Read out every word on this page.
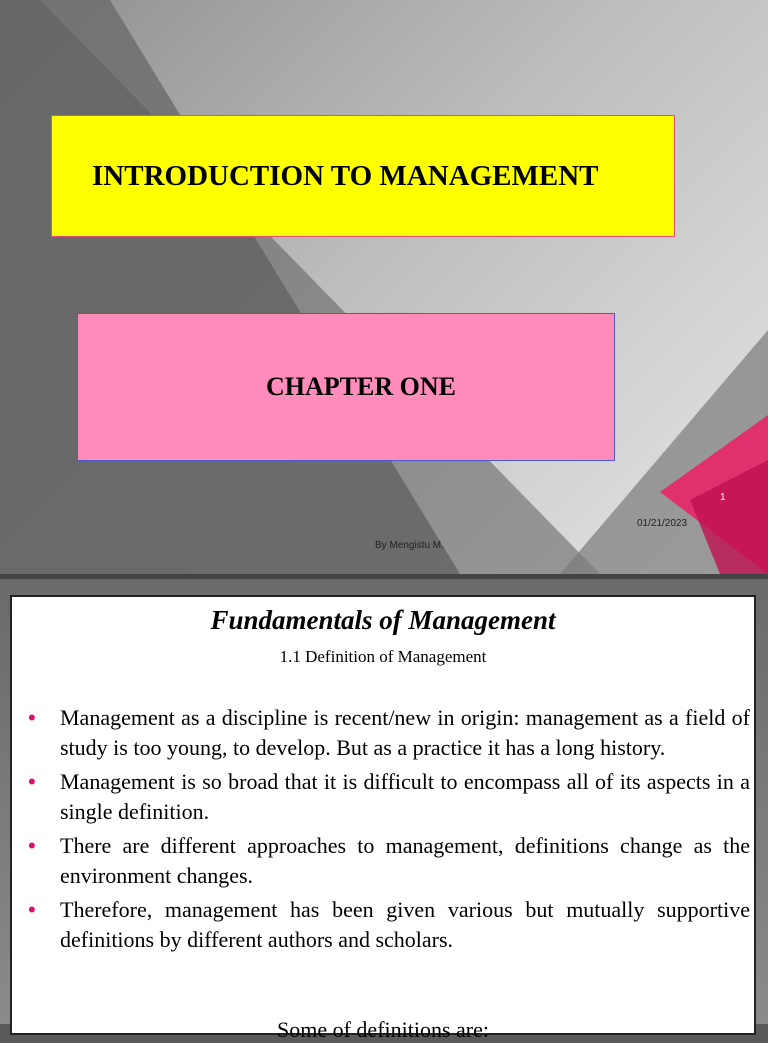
INTRODUCTION TO MANAGEMENT
CHAPTER ONE
1
01/21/2023
By Mengistu M.
Fundamentals of Management
1.1 Definition of Management
• Management as a discipline is recent/new in origin: management as a field of study is too young, to develop. But as a practice it has a long history.
• Management is so broad that it is difficult to encompass all of its aspects in a single definition.
• There are different approaches to management, definitions change as the environment changes.
• Therefore, management has been given various but mutually supportive definitions by different authors and scholars.
Some of definitions are:
